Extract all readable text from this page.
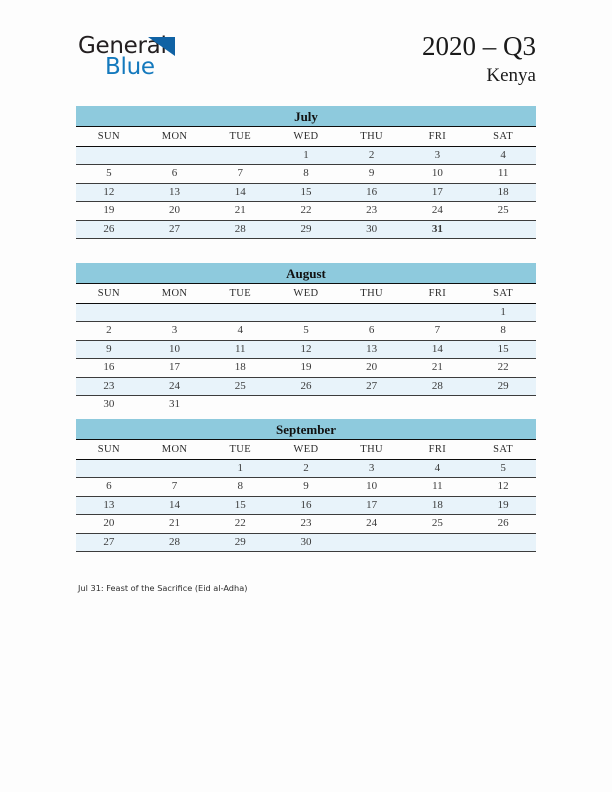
General
Blue
2020 – Q3
Kenya
July
SUN	MON	TUE	WED	THU	FRI	SAT
			1	2	3	4
5	6	7	8	9	10	11
12	13	14	15	16	17	18
19	20	21	22	23	24	25
26	27	28	29	30	31	
August
SUN	MON	TUE	WED	THU	FRI	SAT
						1
2	3	4	5	6	7	8
9	10	11	12	13	14	15
16	17	18	19	20	21	22
23	24	25	26	27	28	29
30	31					
September
SUN	MON	TUE	WED	THU	FRI	SAT
		1	2	3	4	5
6	7	8	9	10	11	12
13	14	15	16	17	18	19
20	21	22	23	24	25	26
27	28	29	30			
Jul 31: Feast of the Sacrifice (Eid al-Adha)
